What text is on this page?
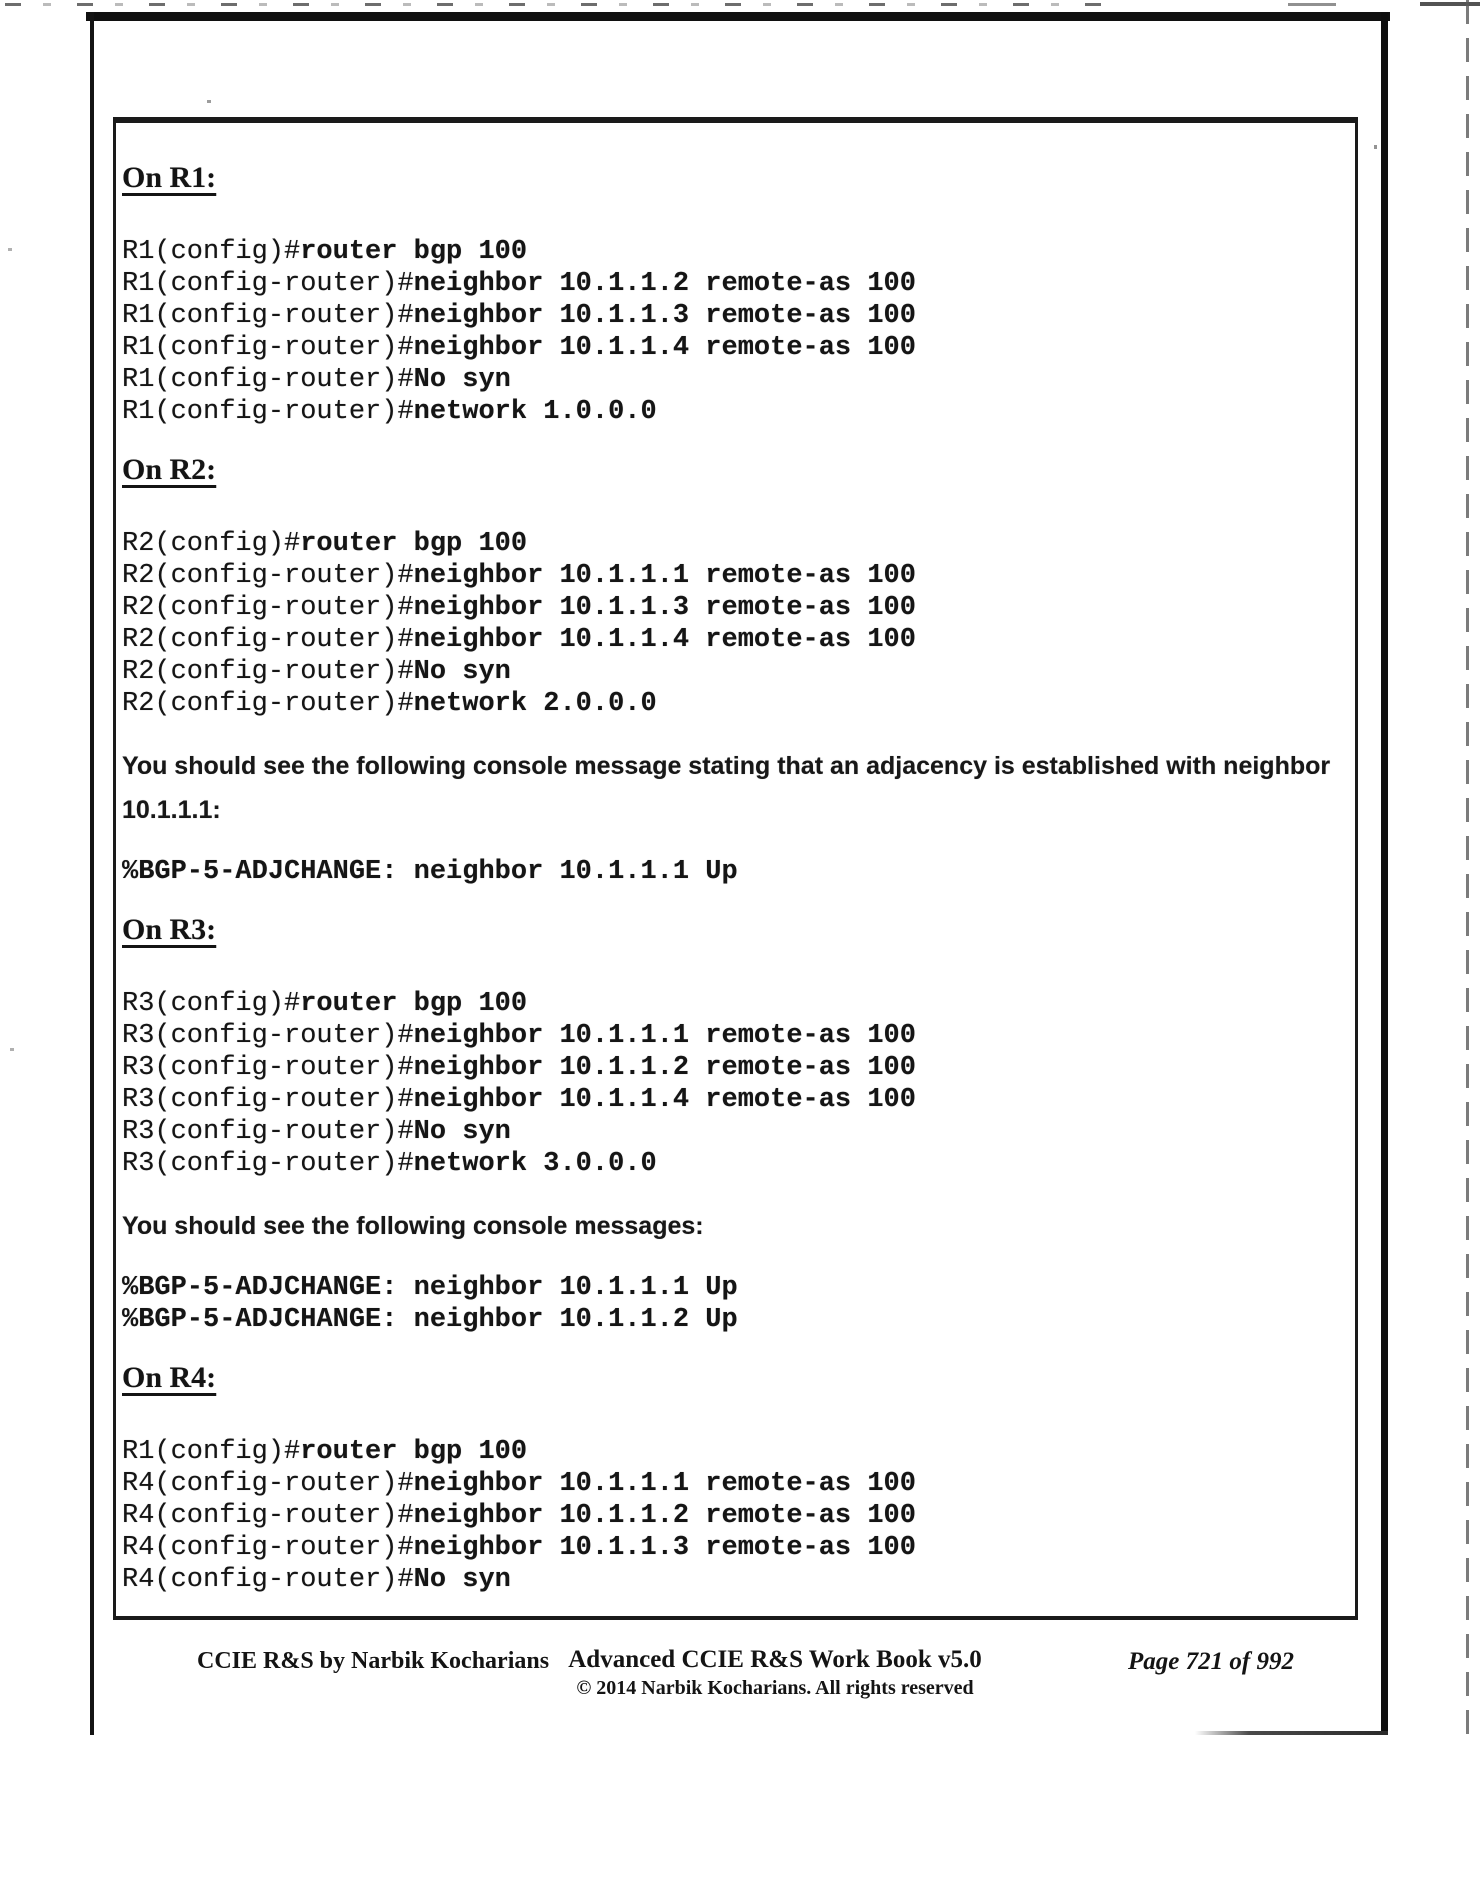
On R1:
R1(config)#router bgp 100
R1(config-router)#neighbor 10.1.1.2 remote-as 100
R1(config-router)#neighbor 10.1.1.3 remote-as 100
R1(config-router)#neighbor 10.1.1.4 remote-as 100
R1(config-router)#No syn
R1(config-router)#network 1.0.0.0
On R2:
R2(config)#router bgp 100
R2(config-router)#neighbor 10.1.1.1 remote-as 100
R2(config-router)#neighbor 10.1.1.3 remote-as 100
R2(config-router)#neighbor 10.1.1.4 remote-as 100
R2(config-router)#No syn
R2(config-router)#network 2.0.0.0

You should see the following console message stating that an adjacency is established with neighbor
10.1.1.1:

%BGP-5-ADJCHANGE: neighbor 10.1.1.1 Up
On R3:
R3(config)#router bgp 100
R3(config-router)#neighbor 10.1.1.1 remote-as 100
R3(config-router)#neighbor 10.1.1.2 remote-as 100
R3(config-router)#neighbor 10.1.1.4 remote-as 100
R3(config-router)#No syn
R3(config-router)#network 3.0.0.0

You should see the following console messages:

%BGP-5-ADJCHANGE: neighbor 10.1.1.1 Up
%BGP-5-ADJCHANGE: neighbor 10.1.1.2 Up
On R4:
R1(config)#router bgp 100
R4(config-router)#neighbor 10.1.1.1 remote-as 100
R4(config-router)#neighbor 10.1.1.2 remote-as 100
R4(config-router)#neighbor 10.1.1.3 remote-as 100
R4(config-router)#No syn
CCIE R&S by Narbik Kocharians Advanced CCIE R&S Work Book v5.0
© 2014 Narbik Kocharians. All rights reserved
Page 721 of 992
